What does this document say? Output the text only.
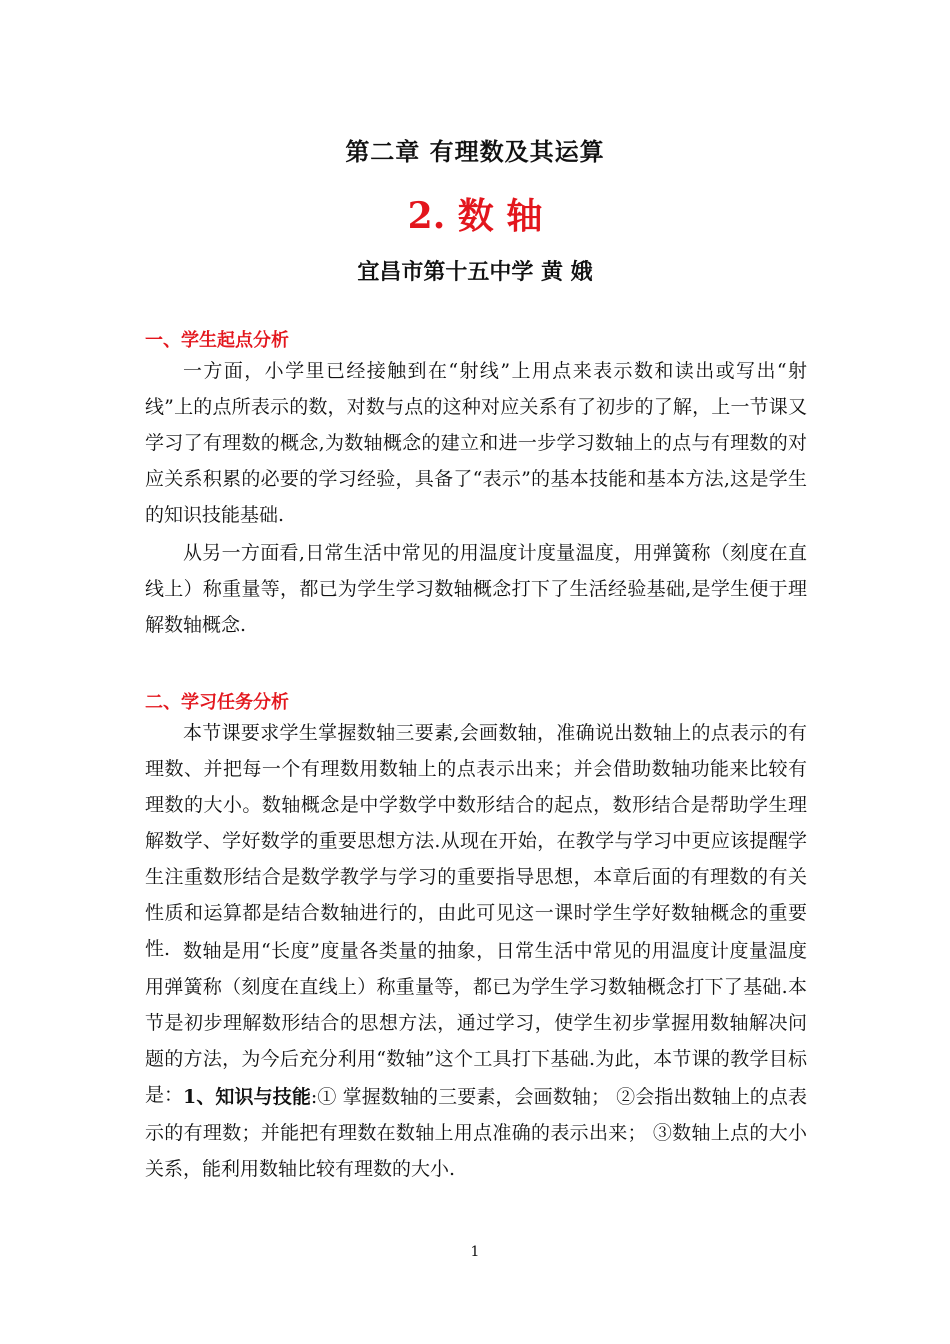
第二章 有理数及其运算
2. 数 轴
宜昌市第十五中学 黄 娥
一、学生起点分析
一方面，小学里已经接触到在“射线”上用点来表示数和读出或写出“射线”上的点所表示的数，对数与点的这种对应关系有了初步的了解，上一节课又学习了有理数的概念,为数轴概念的建立和进一步学习数轴上的点与有理数的对应关系积累的必要的学习经验，具备了“表示”的基本技能和基本方法,这是学生的知识技能基础.
从另一方面看,日常生活中常见的用温度计度量温度，用弹簧称（刻度在直线上）称重量等，都已为学生学习数轴概念打下了生活经验基础,是学生便于理解数轴概念.
二、学习任务分析
本节课要求学生掌握数轴三要素,会画数轴，准确说出数轴上的点表示的有理数、并把每一个有理数用数轴上的点表示出来；并会借助数轴功能来比较有理数的大小。数轴概念是中学数学中数形结合的起点，数形结合是帮助学生理解数学、学好数学的重要思想方法.从现在开始，在教学与学习中更应该提醒学生注重数形结合是数学教学与学习的重要指导思想，本章后面的有理数的有关性质和运算都是结合数轴进行的，由此可见这一课时学生学好数轴概念的重要性. 数轴是用“长度”度量各类量的抽象，日常生活中常见的用温度计度量温度用弹簧称（刻度在直线上）称重量等，都已为学生学习数轴概念打下了基础.本节是初步理解数形结合的思想方法，通过学习，使学生初步掌握用数轴解决问题的方法，为今后充分利用“数轴”这个工具打下基础.为此，本节课的教学目标是： 1、知识与技能:① 掌握数轴的三要素，会画数轴； ②会指出数轴上的点表示的有理数；并能把有理数在数轴上用点准确的表示出来； ③数轴上点的大小关系，能利用数轴比较有理数的大小.
1
